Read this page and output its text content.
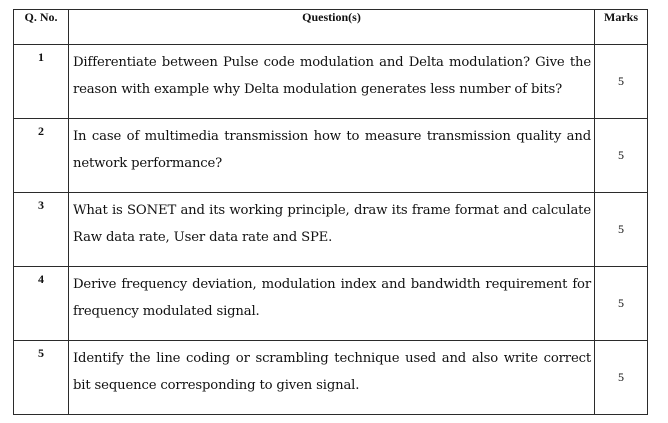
Q. No.	Question(s)	Marks
1	Differentiate between Pulse code modulation and Delta modulation? Give the reason with example why Delta modulation generates less number of bits?	5
2	In case of multimedia transmission how to measure transmission quality and network performance?	5
3	What is SONET and its working principle, draw its frame format and calculate Raw data rate, User data rate and SPE.	5
4	Derive frequency deviation, modulation index and bandwidth requirement for frequency modulated signal.	5
5	Identify the line coding or scrambling technique used and also write correct bit sequence corresponding to given signal.	5
